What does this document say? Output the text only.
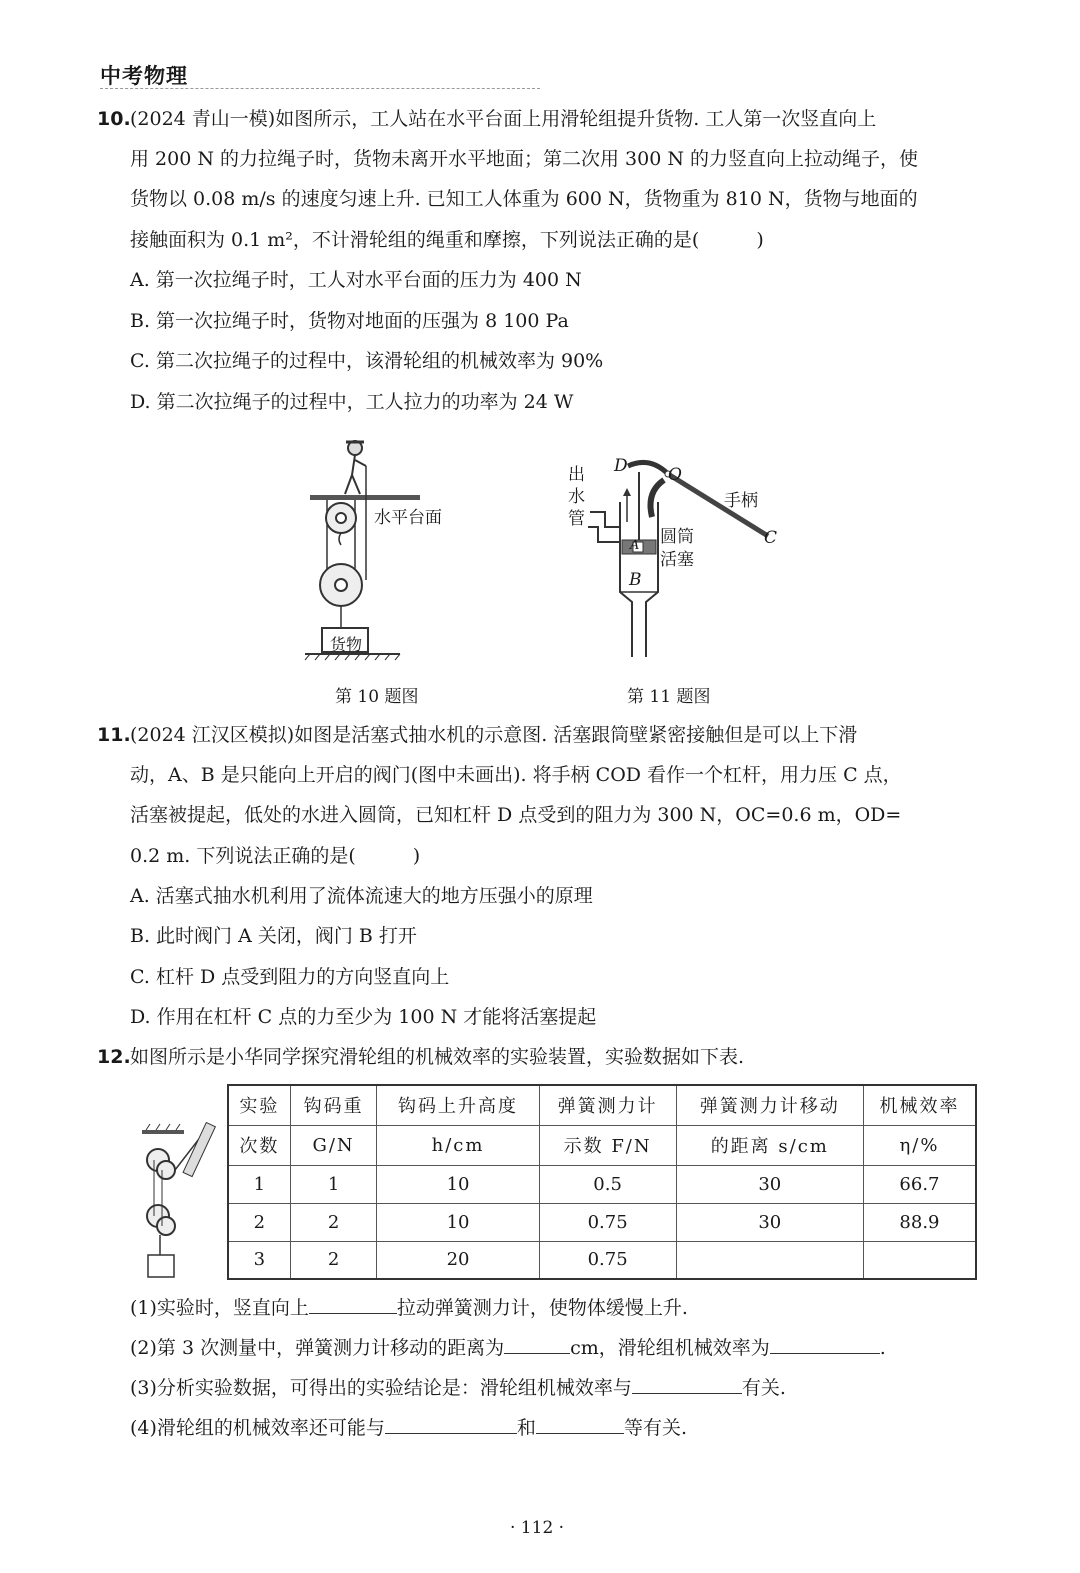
中考物理
10. (2024 青山一模)如图所示，工人站在水平台面上用滑轮组提升货物. 工人第一次竖直向上
用 200 N 的力拉绳子时，货物未离开水平地面；第二次用 300 N 的力竖直向上拉动绳子，使
货物以 0.08 m/s 的速度匀速上升. 已知工人体重为 600 N，货物重为 810 N，货物与地面的
接触面积为 0.1 m²，不计滑轮组的绳重和摩擦，下列说法正确的是(　　　)
A. 第一次拉绳子时，工人对水平台面的压力为 400 N
B. 第一次拉绳子时，货物对地面的压强为 8 100 Pa
C. 第二次拉绳子的过程中，该滑轮组的机械效率为 90%
D. 第二次拉绳子的过程中，工人拉力的功率为 24 W
水平台面
货物
第 10 题图
出
水
管
D O
手柄
C
圆筒
活塞
A
B
第 11 题图
11. (2024 江汉区模拟)如图是活塞式抽水机的示意图. 活塞跟筒壁紧密接触但是可以上下滑
动，A、B 是只能向上开启的阀门(图中未画出). 将手柄 COD 看作一个杠杆，用力压 C 点，
活塞被提起，低处的水进入圆筒，已知杠杆 D 点受到的阻力为 300 N，OC=0.6 m，OD=
0.2 m. 下列说法正确的是(　　　)
A. 活塞式抽水机利用了流体流速大的地方压强小的原理
B. 此时阀门 A 关闭，阀门 B 打开
C. 杠杆 D 点受到阻力的方向竖直向上
D. 作用在杠杆 C 点的力至少为 100 N 才能将活塞提起
12. 如图所示是小华同学探究滑轮组的机械效率的实验装置，实验数据如下表.
实验	钩码重	钩码上升高度	弹簧测力计	弹簧测力计移动	机械效率
次数	G/N	h/cm	示数 F/N	的距离 s/cm	η/%
1	1	10	0.5	30	66.7
2	2	10	0.75	30	88.9
3	2	20	0.75		
(1)实验时，竖直向上	拉动弹簧测力计，使物体缓慢上升.
(2)第 3 次测量中，弹簧测力计移动的距离为	cm，滑轮组机械效率为	.
(3)分析实验数据，可得出的实验结论是：滑轮组机械效率与	有关.
(4)滑轮组的机械效率还可能与	和	等有关.
· 112 ·
